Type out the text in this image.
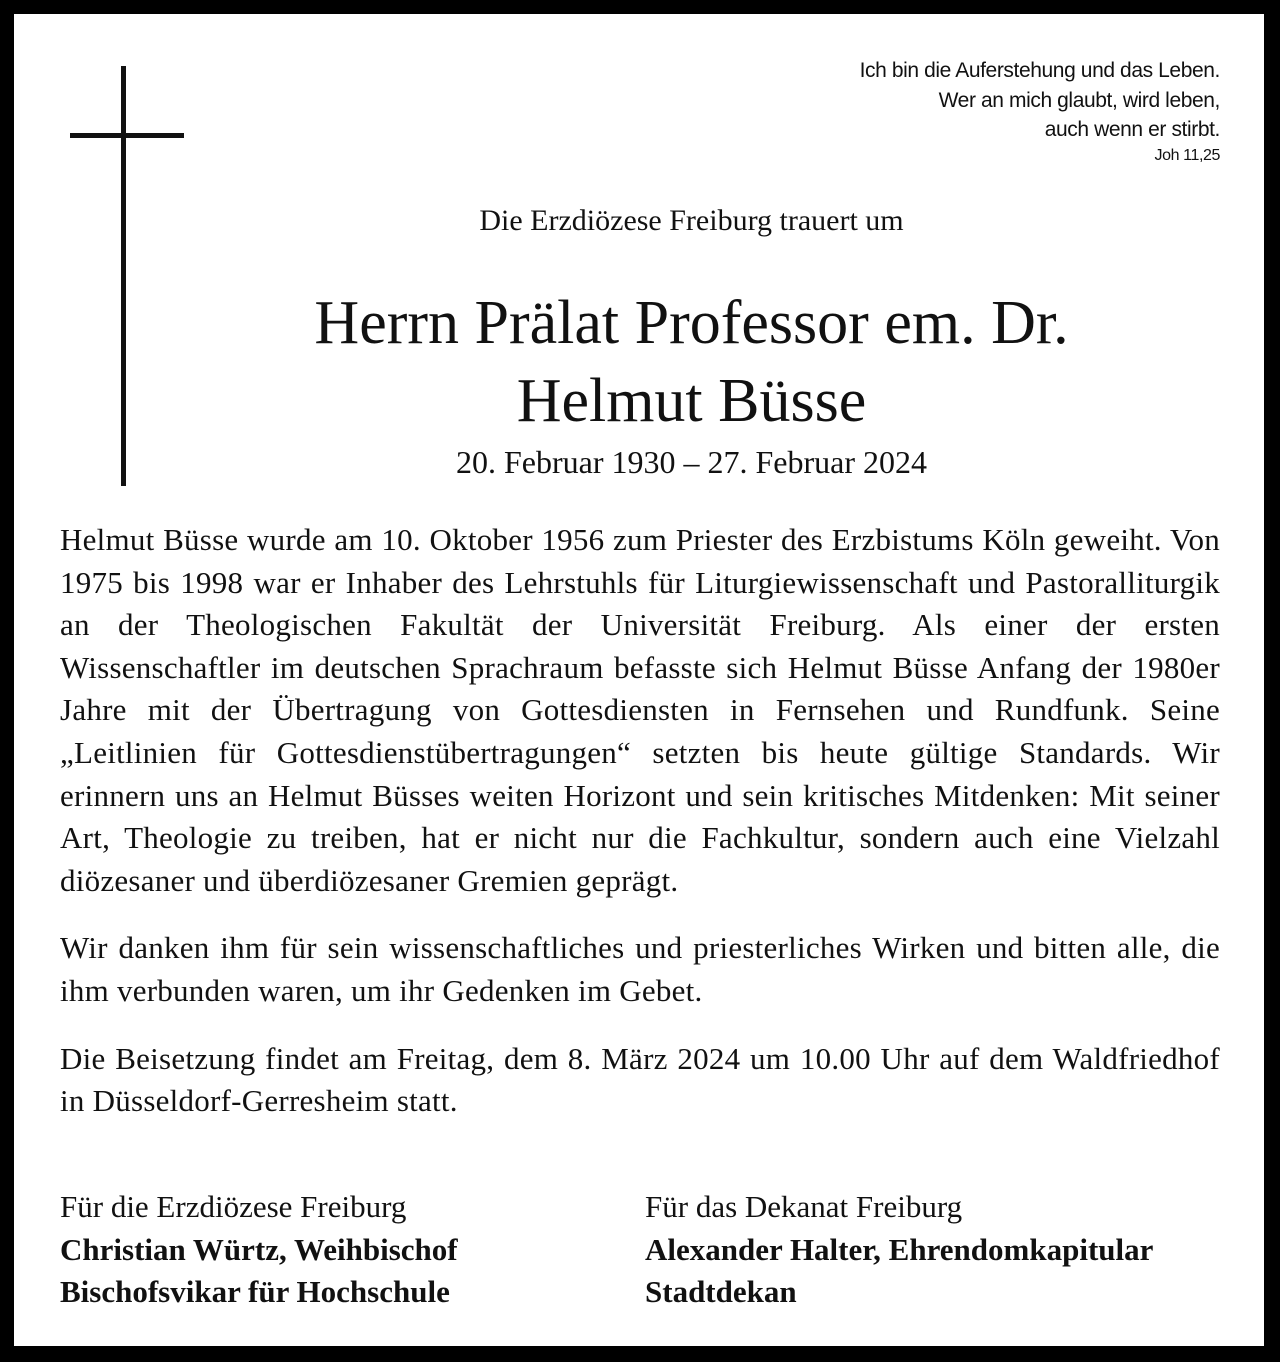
Ich bin die Auferstehung und das Leben.
Wer an mich glaubt, wird leben,
auch wenn er stirbt.
Joh 11,25
Die Erzdiözese Freiburg trauert um
Herrn Prälat Professor em. Dr.
Helmut Büsse
20. Februar 1930 – 27. Februar 2024

Helmut Büsse wurde am 10. Oktober 1956 zum Priester des Erzbistums Köln geweiht. Von 1975 bis 1998 war er Inhaber des Lehrstuhls für Liturgiewissenschaft und Pastoralliturgik an der Theologischen Fakultät der Universität Freiburg. Als einer der ersten Wissenschaftler im deutschen Sprachraum befasste sich Helmut Büsse Anfang der 1980er Jahre mit der Übertragung von Gottesdiensten in Fernsehen und Rundfunk. Seine „Leitlinien für Gottesdienstübertragungen“ setzten bis heute gültige Standards. Wir erinnern uns an Helmut Büsses weiten Horizont und sein kritisches Mitdenken: Mit seiner Art, Theologie zu treiben, hat er nicht nur die Fachkultur, sondern auch eine Vielzahl diözesaner und überdiözesaner Gremien geprägt.

Wir danken ihm für sein wissenschaftliches und priesterliches Wirken und bitten alle, die ihm verbunden waren, um ihr Gedenken im Gebet.

Die Beisetzung findet am Freitag, dem 8. März 2024 um 10.00 Uhr auf dem Waldfriedhof in Düsseldorf-Gerresheim statt.

Für die Erzdiözese Freiburg
Christian Würtz, Weihbischof
Bischofsvikar für Hochschule
Für das Dekanat Freiburg
Alexander Halter, Ehrendomkapitular
Stadtdekan
